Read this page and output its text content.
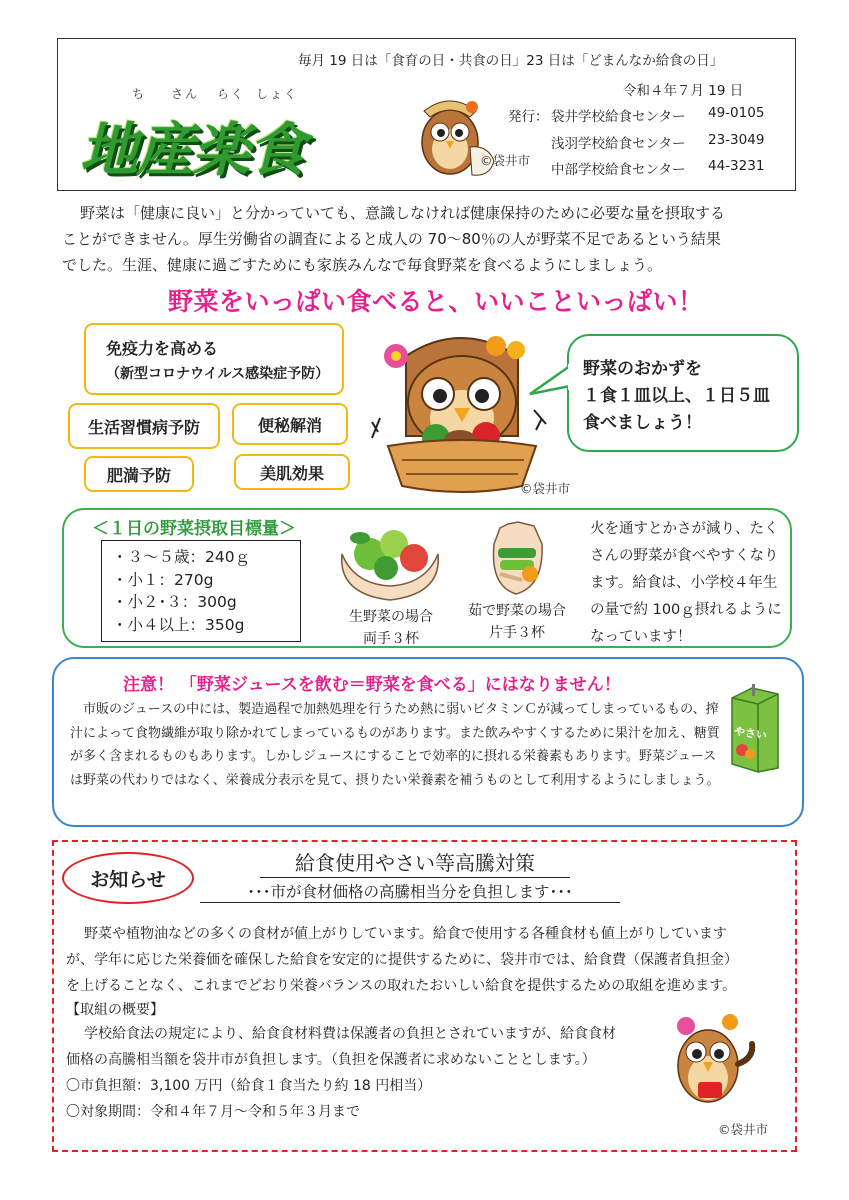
毎月 19 日は「食育の日・共食の日」23 日は「どまんなか給食の日」
令和４年７月 19 日
ち さん らく しょく
地産楽食	©袋井市
発行： 袋井学校給食センター 49-0105
浅羽学校給食センター 23-3049
中部学校給食センター 44-3231

野菜は「健康に良い」と分かっていても、意識しなければ健康保持のために必要な量を摂取する

ことができません。厚生労働省の調査によると成人の 70～80％の人が野菜不足であるという結果

でした。生涯、健康に過ごすためにも家族みんなで毎食野菜を食べるようにしましょう。

野菜をいっぱい食べると、いいこといっぱい！
免疫力を高める
（新型コロナウイルス感染症予防）
生活習慣病予防	便秘解消
肥満予防	美肌効果
©袋井市
野菜のおかずを
１食１皿以上、１日５皿
食べましょう！
＜１日の野菜摂取目標量＞
・３～５歳：240ｇ
・小１：270g
・小２･３：300g
・小４以上：350g	生野菜の場合
両手３杯
茹で野菜の場合
片手３杯
火を通すとかさが減り、たくさんの野菜が食べやすくなります。給食は、小学校４年生の量で約 100ｇ摂れるようになっています！
注意！ 「野菜ジュースを飲む＝野菜を食べる」にはなりません！
市販のジュースの中には、製造過程で加熱処理を行うため熱に弱いビタミンＣが減ってしまっているもの、搾汁によって食物繊維が取り除かれてしまっているものがあります。また飲みやすくするために果汁を加え、糖質が多く含まれるものもあります。しかしジュースにすることで効率的に摂れる栄養素もあります。野菜ジュースは野菜の代わりではなく、栄養成分表示を見て、摂りたい栄養素を補うものとして利用するようにしましょう。
やさい
お知らせ
給食使用やさい等高騰対策
･･･市が食材価格の高騰相当分を負担します･･･

野菜や植物油などの多くの食材が値上がりしています。給食で使用する各種食材も値上がりしています

が、学年に応じた栄養価を確保した給食を安定的に提供するために、袋井市では、給食費（保護者負担金）

を上げることなく、これまでどおり栄養バランスの取れたおいしい給食を提供するための取組を進めます。

【取組の概要】

学校給食法の規定により、給食食材料費は保護者の負担とされていますが、給食食材

価格の高騰相当額を袋井市が負担します。（負担を保護者に求めないこととします。）

〇市負担額：3,100 万円（給食１食当たり約 18 円相当）

〇対象期間：令和４年７月～令和５年３月まで

©袋井市
